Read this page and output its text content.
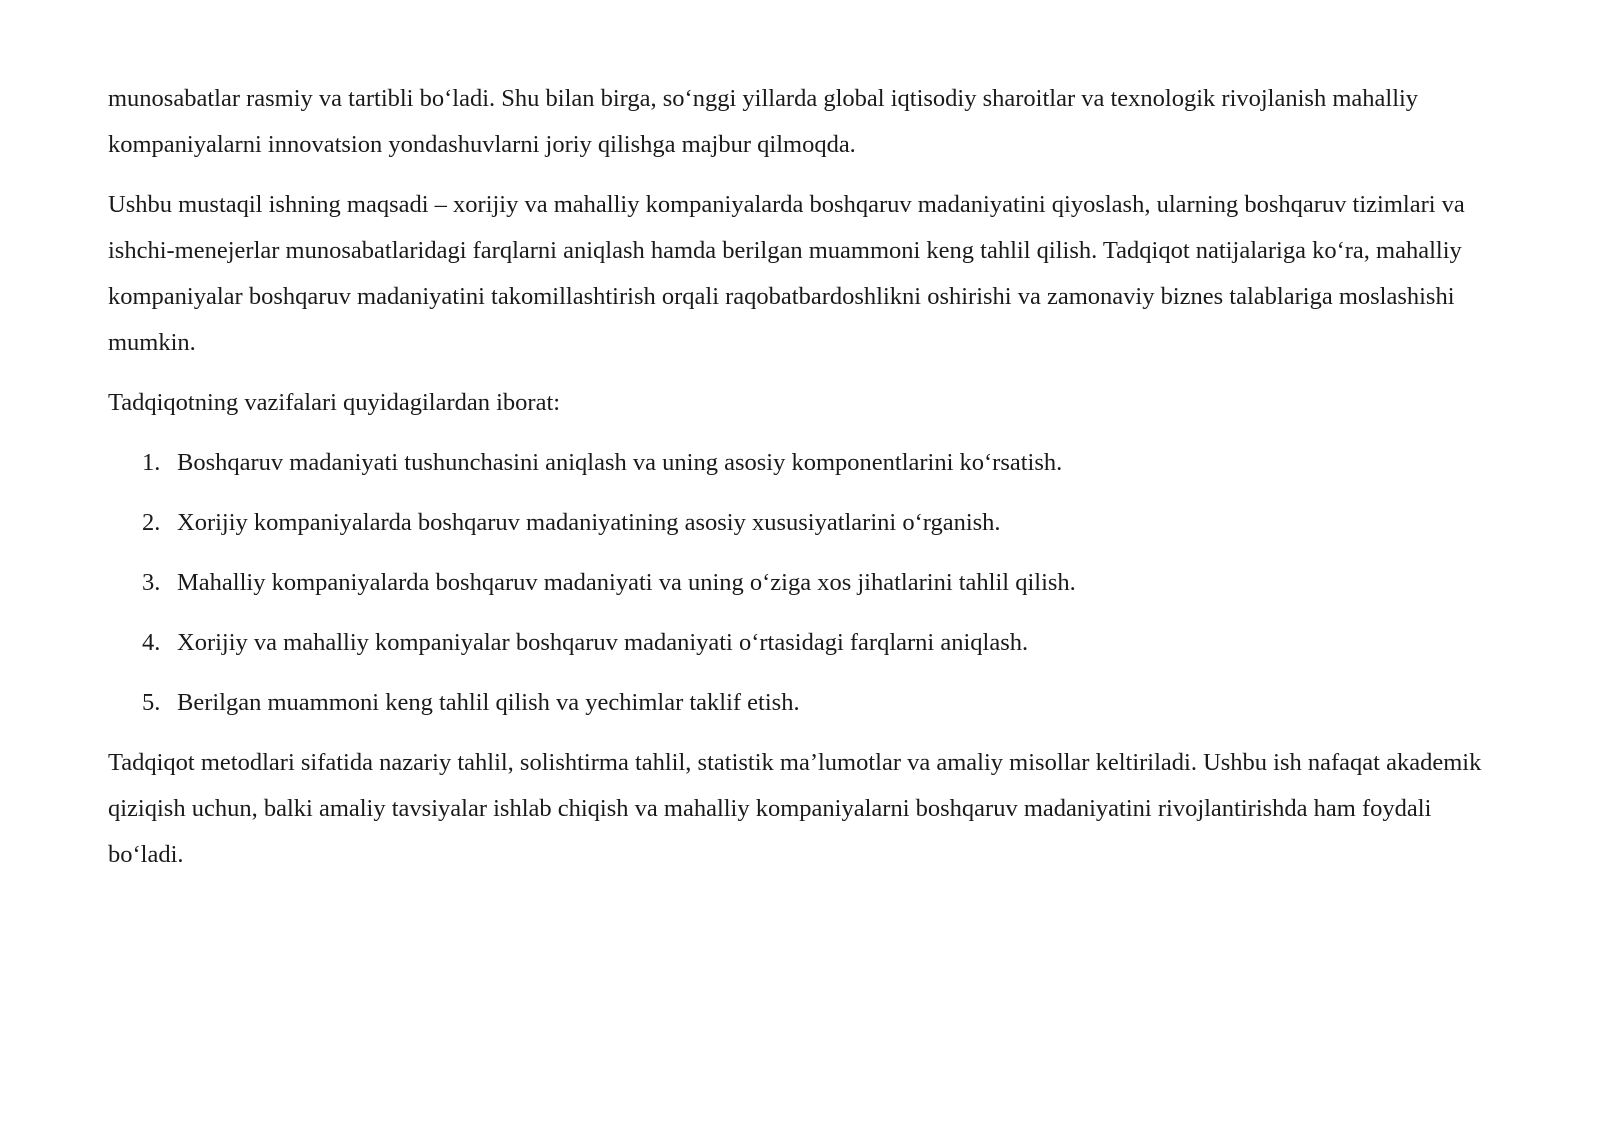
munosabatlar rasmiy va tartibli bo‘ladi. Shu bilan birga, so‘nggi yillarda global iqtisodiy sharoitlar va texnologik rivojlanish mahalliy kompaniyalarni innovatsion yondashuvlarni joriy qilishga majbur qilmoqda.

Ushbu mustaqil ishning maqsadi – xorijiy va mahalliy kompaniyalarda boshqaruv madaniyatini qiyoslash, ularning boshqaruv tizimlari va ishchi-menejerlar munosabatlaridagi farqlarni aniqlash hamda berilgan muammoni keng tahlil qilish. Tadqiqot natijalariga ko‘ra, mahalliy kompaniyalar boshqaruv madaniyatini takomillashtirish orqali raqobatbardoshlikni oshirishi va zamonaviy biznes talablariga moslashishi mumkin.

Tadqiqotning vazifalari quyidagilardan iborat:

1. Boshqaruv madaniyati tushunchasini aniqlash va uning asosiy komponentlarini ko‘rsatish.
2. Xorijiy kompaniyalarda boshqaruv madaniyatining asosiy xususiyatlarini o‘rganish.
3. Mahalliy kompaniyalarda boshqaruv madaniyati va uning o‘ziga xos jihatlarini tahlil qilish.
4. Xorijiy va mahalliy kompaniyalar boshqaruv madaniyati o‘rtasidagi farqlarni aniqlash.
5. Berilgan muammoni keng tahlil qilish va yechimlar taklif etish.

Tadqiqot metodlari sifatida nazariy tahlil, solishtirma tahlil, statistik ma’lumotlar va amaliy misollar keltiriladi. Ushbu ish nafaqat akademik qiziqish uchun, balki amaliy tavsiyalar ishlab chiqish va mahalliy kompaniyalarni boshqaruv madaniyatini rivojlantirishda ham foydali bo‘ladi.
